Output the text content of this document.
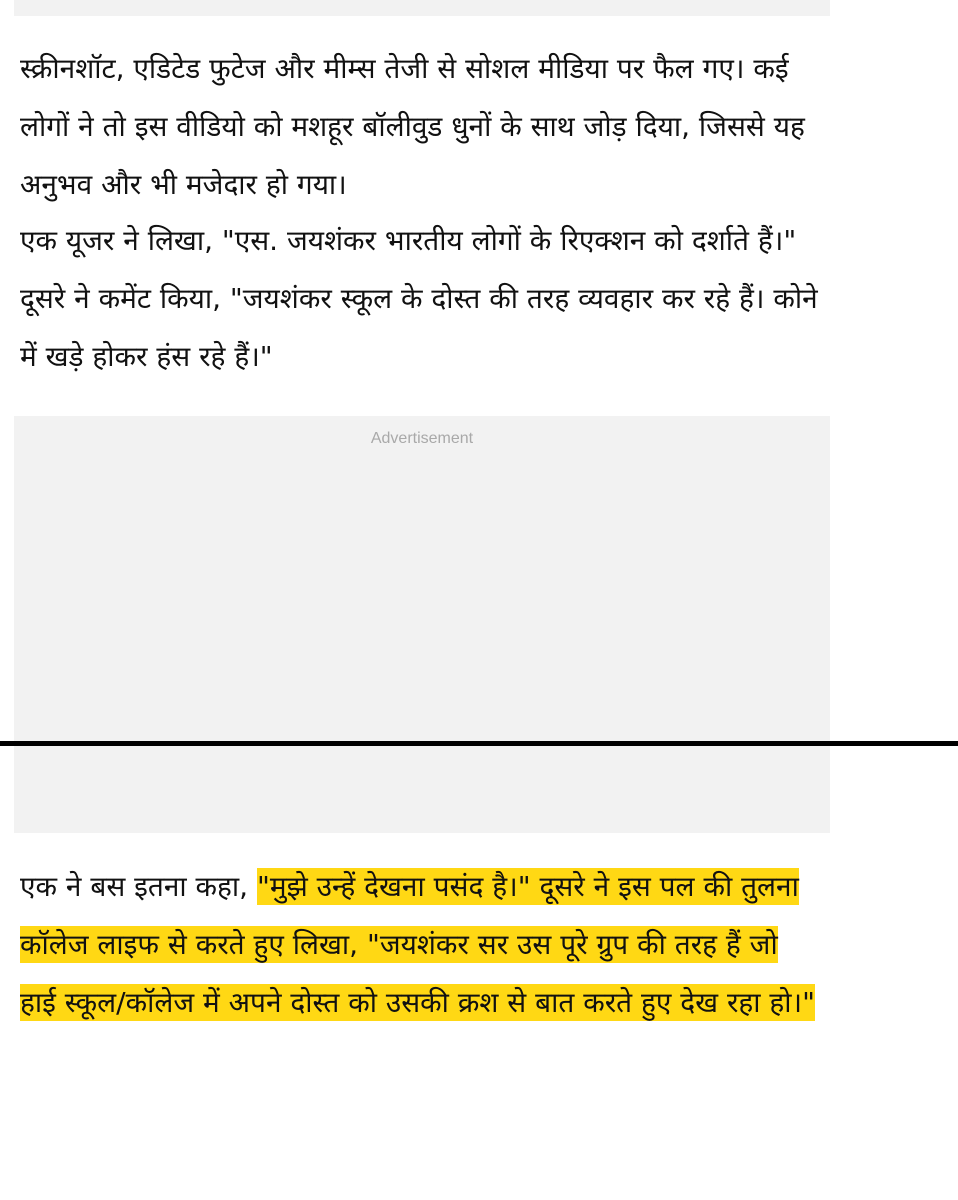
स्क्रीनशॉट, एडिटेड फुटेज और मीम्स तेजी से सोशल मीडिया पर फैल गए। कई लोगों ने तो इस वीडियो को मशहूर बॉलीवुड धुनों के साथ जोड़ दिया, जिससे यह अनुभव और भी मजेदार हो गया।

एक यूजर ने लिखा, "एस. जयशंकर भारतीय लोगों के रिएक्शन को दर्शाते हैं।" दूसरे ने कमेंट किया, "जयशंकर स्कूल के दोस्त की तरह व्यवहार कर रहे हैं। कोने में खड़े होकर हंस रहे हैं।"

Advertisement

एक ने बस इतना कहा, "मुझे उन्हें देखना पसंद है।" दूसरे ने इस पल की तुलना कॉलेज लाइफ से करते हुए लिखा, "जयशंकर सर उस पूरे ग्रुप की तरह हैं जो हाई स्कूल/कॉलेज में अपने दोस्त को उसकी क्रश से बात करते हुए देख रहा हो।"
